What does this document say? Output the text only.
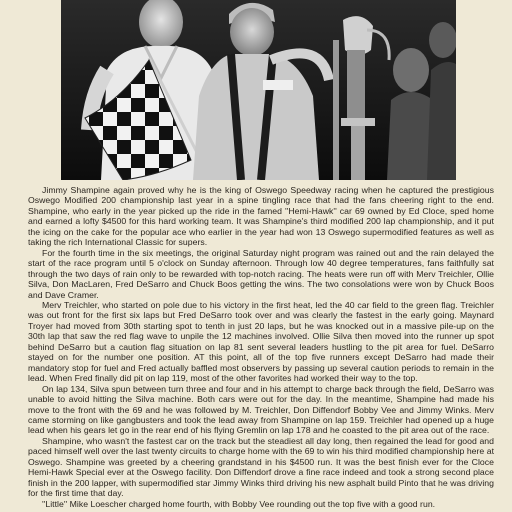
Jimmy Shampine again proved why he is the king of Oswego Speedway racing when he captured the prestigious Oswego Modified 200 championship last year in a spine tingling race that had the fans cheering right to the end. Shampine, who early in the year picked up the ride in the famed ''Hemi-Hawk'' car 69 owned by Ed Cloce, sped home and earned a lofty $4500 for this hard working team. It was Shampine's third modified 200 lap championship, and it put the icing on the cake for the popular ace who earlier in the year had won 13 Oswego supermodified features as well as taking the rich International Classic for supers.

For the fourth time in the six meetings, the original Saturday night program was rained out and the rain delayed the start of the race program until 5 o'clock on Sunday afternoon. Through low 40 degree temperatures, fans faithfully sat through the two days of rain only to be rewarded with top-notch racing. The heats were run off with Merv Treichler, Ollie Silva, Don MacLaren, Fred DeSarro and Chuck Boos getting the wins. The two consolations were won by Chuck Boos and Dave Cramer.

Merv Treichler, who started on pole due to his victory in the first heat, led the 40 car field to the green flag. Treichler was out front for the first six laps but Fred DeSarro took over and was clearly the fastest in the early going. Maynard Troyer had moved from 30th starting spot to tenth in just 20 laps, but he was knocked out in a massive pile-up on the 30th lap that saw the red flag wave to unpile the 12 machines involved. Ollie Silva then moved into the runner up spot behind DeSarro but a caution flag situation on lap 81 sent several leaders hustling to the pit area for fuel. DeSarro stayed on for the number one position. AT this point, all of the top five runners except DeSarro had made their mandatory stop for fuel and Fred actually baffled most observers by passing up several caution periods to remain in the lead. When Fred finally did pit on lap 119, most of the other favorites had worked their way to the top.

On lap 134, Silva spun between turn three and four and in his attempt to charge back through the field, DeSarro was unable to avoid hitting the Silva machine. Both cars were out for the day. In the meantime, Shampine had made his move to the front with the 69 and he was followed by M. Treichler, Don Diffendorf Bobby Vee and Jimmy Winks. Merv came storming on like gangbusters and took the lead away from Shampine on lap 159. Treichler had opened up a huge lead when his gears let go in the rear end of his flying Gremlin on lap 178 and he coasted to the pit area out of the race.

Shampine, who wasn't the fastest car on the track but the steadiest all day long, then regained the lead for good and paced himself well over the last twenty circuits to charge home with the 69 to win his third modified championship here at Oswego. Shampine was greeted by a cheering grandstand in his $4500 run. It was the best finish ever for the Cloce Hemi-Hawk Special ever at the Oswego facility. Don Diffendorf drove a fine race indeed and took a strong second place finish in the 200 lapper, with supermodified star Jimmy Winks third driving his new asphalt build Pinto that he was driving for the first time that day.

''Little'' Mike Loescher charged home fourth, with Bobby Vee rounding out the top five with a good run.
